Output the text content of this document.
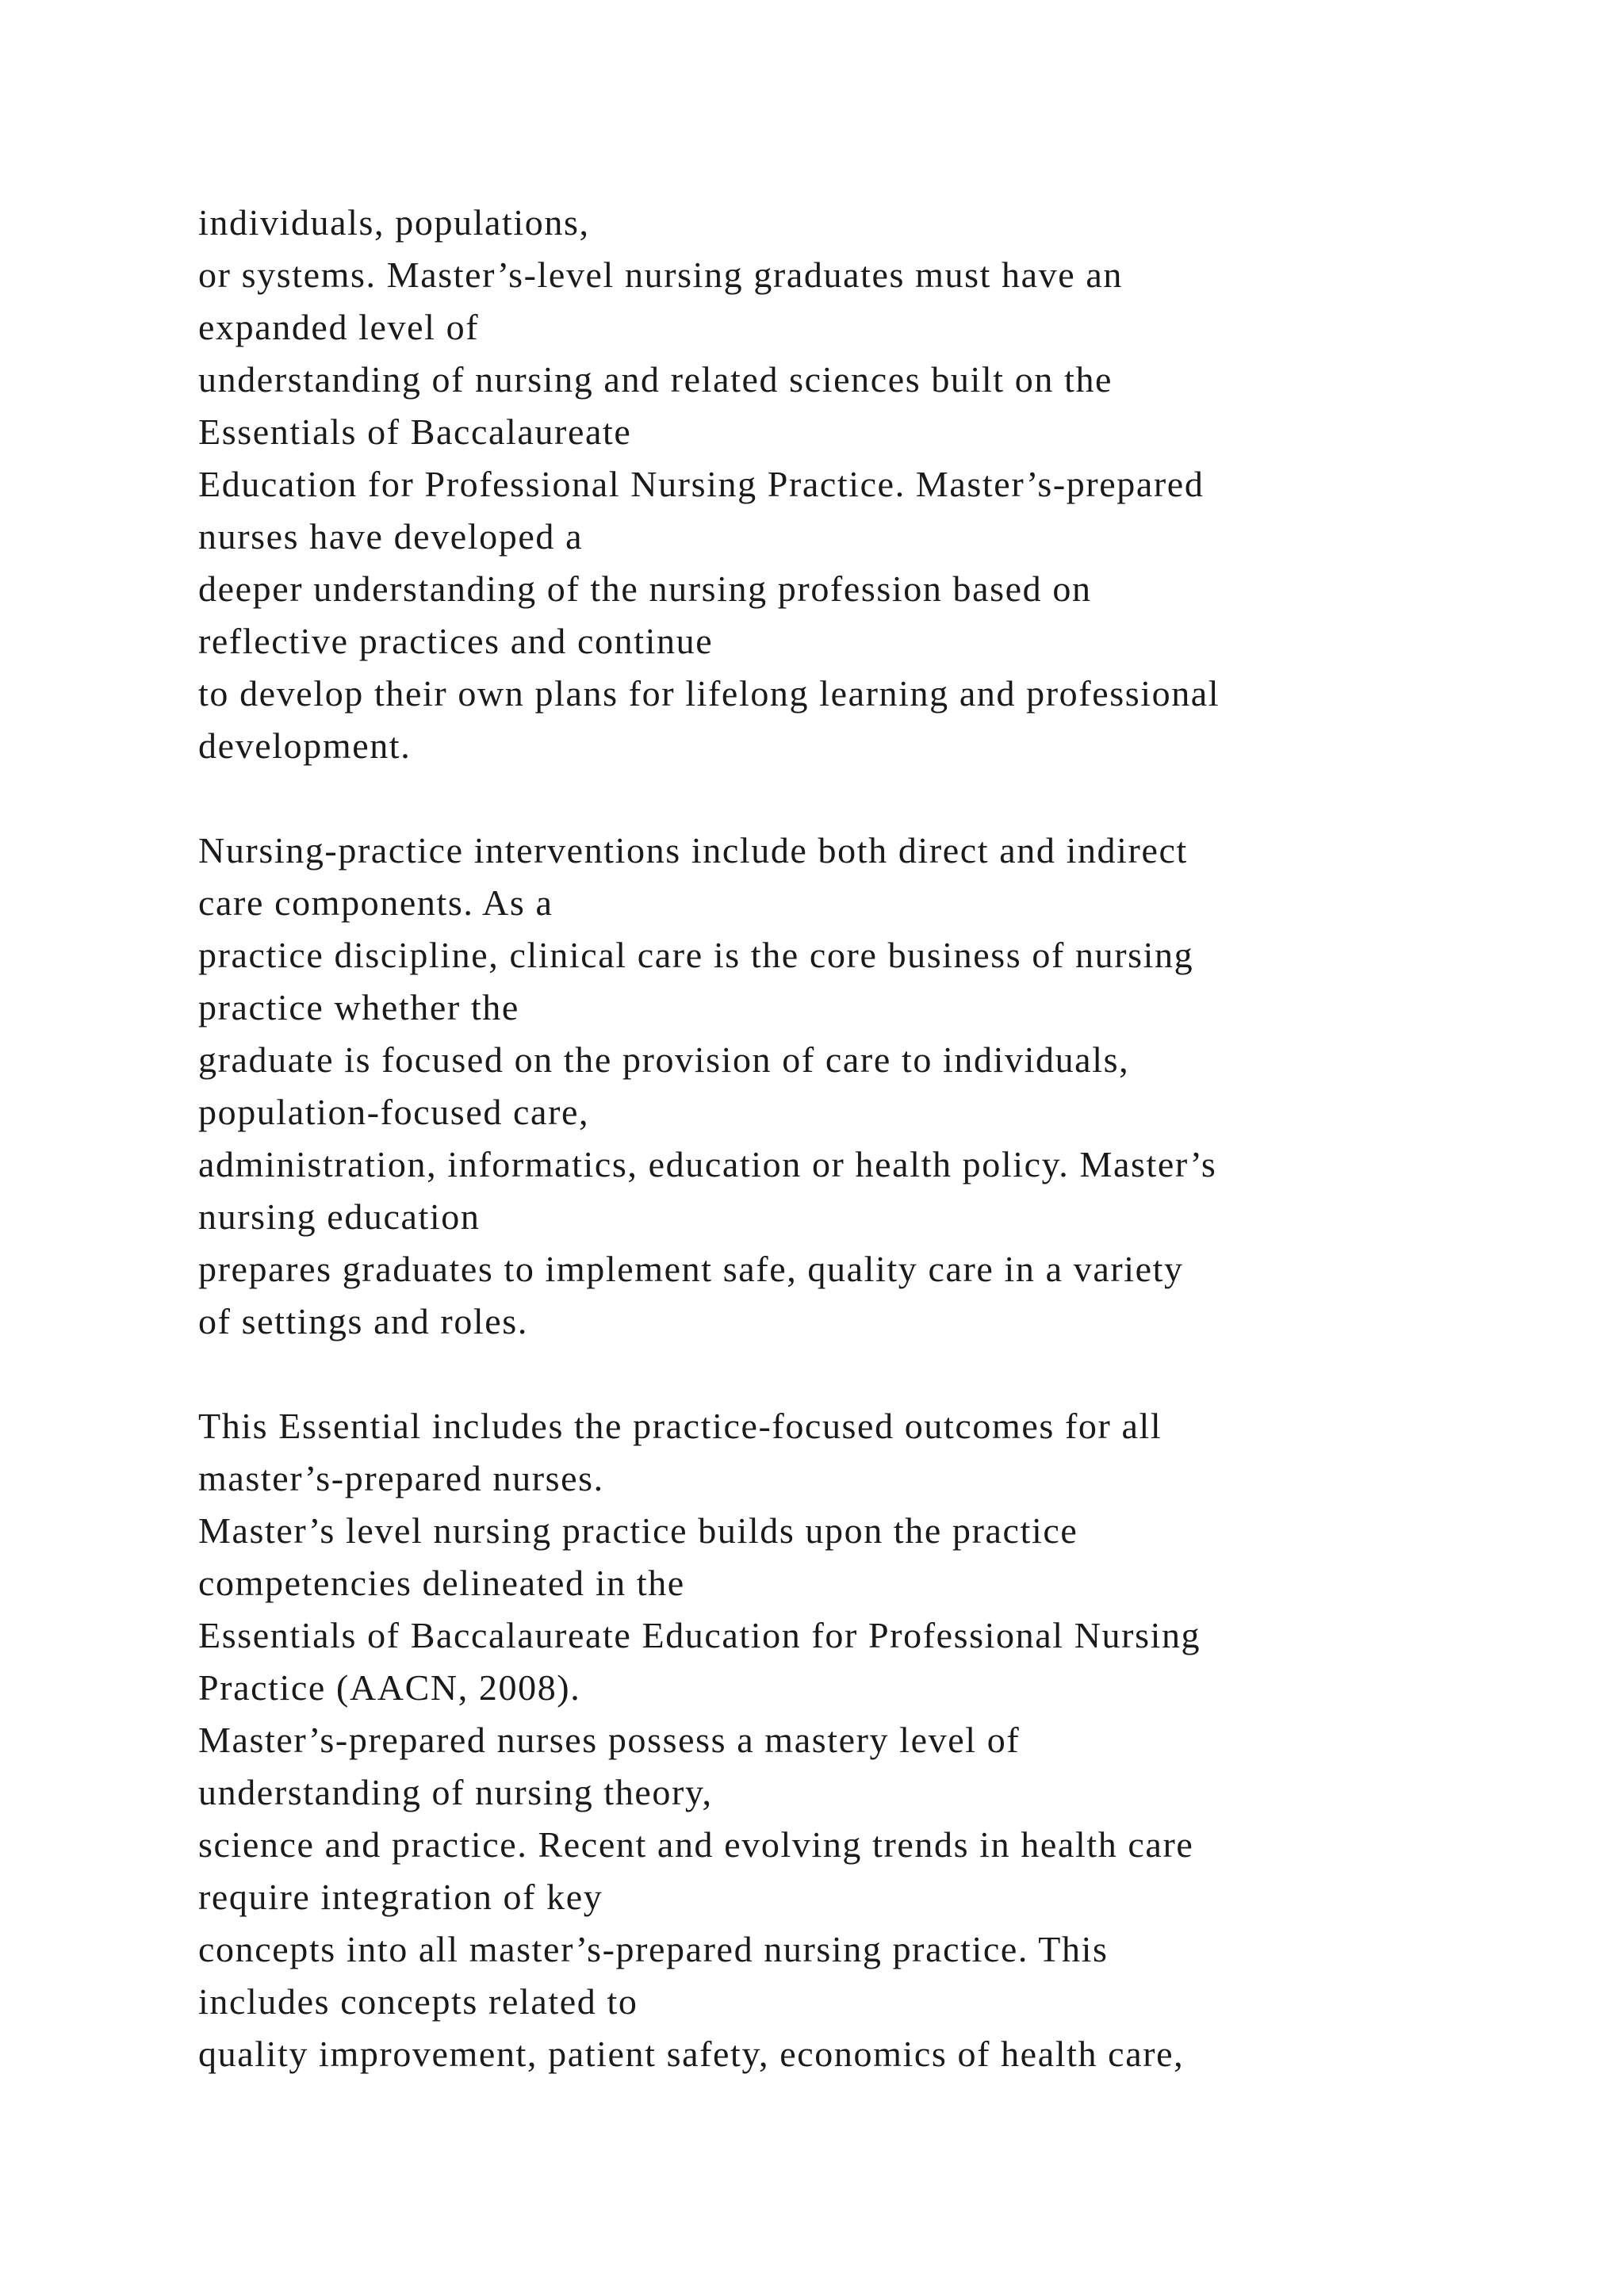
individuals, populations,
or systems. Master’s-level nursing graduates must have an
expanded level of
understanding of nursing and related sciences built on the
Essentials of Baccalaureate
Education for Professional Nursing Practice. Master’s-prepared
nurses have developed a
deeper understanding of the nursing profession based on
reflective practices and continue
to develop their own plans for lifelong learning and professional
development.
Nursing-practice interventions include both direct and indirect
care components. As a
practice discipline, clinical care is the core business of nursing
practice whether the
graduate is focused on the provision of care to individuals,
population-focused care,
administration, informatics, education or health policy. Master’s
nursing education
prepares graduates to implement safe, quality care in a variety
of settings and roles.
This Essential includes the practice-focused outcomes for all
master’s-prepared nurses.
Master’s level nursing practice builds upon the practice
competencies delineated in the
Essentials of Baccalaureate Education for Professional Nursing
Practice (AACN, 2008).
Master’s-prepared nurses possess a mastery level of
understanding of nursing theory,
science and practice. Recent and evolving trends in health care
require integration of key
concepts into all master’s-prepared nursing practice. This
includes concepts related to
quality improvement, patient safety, economics of health care,
